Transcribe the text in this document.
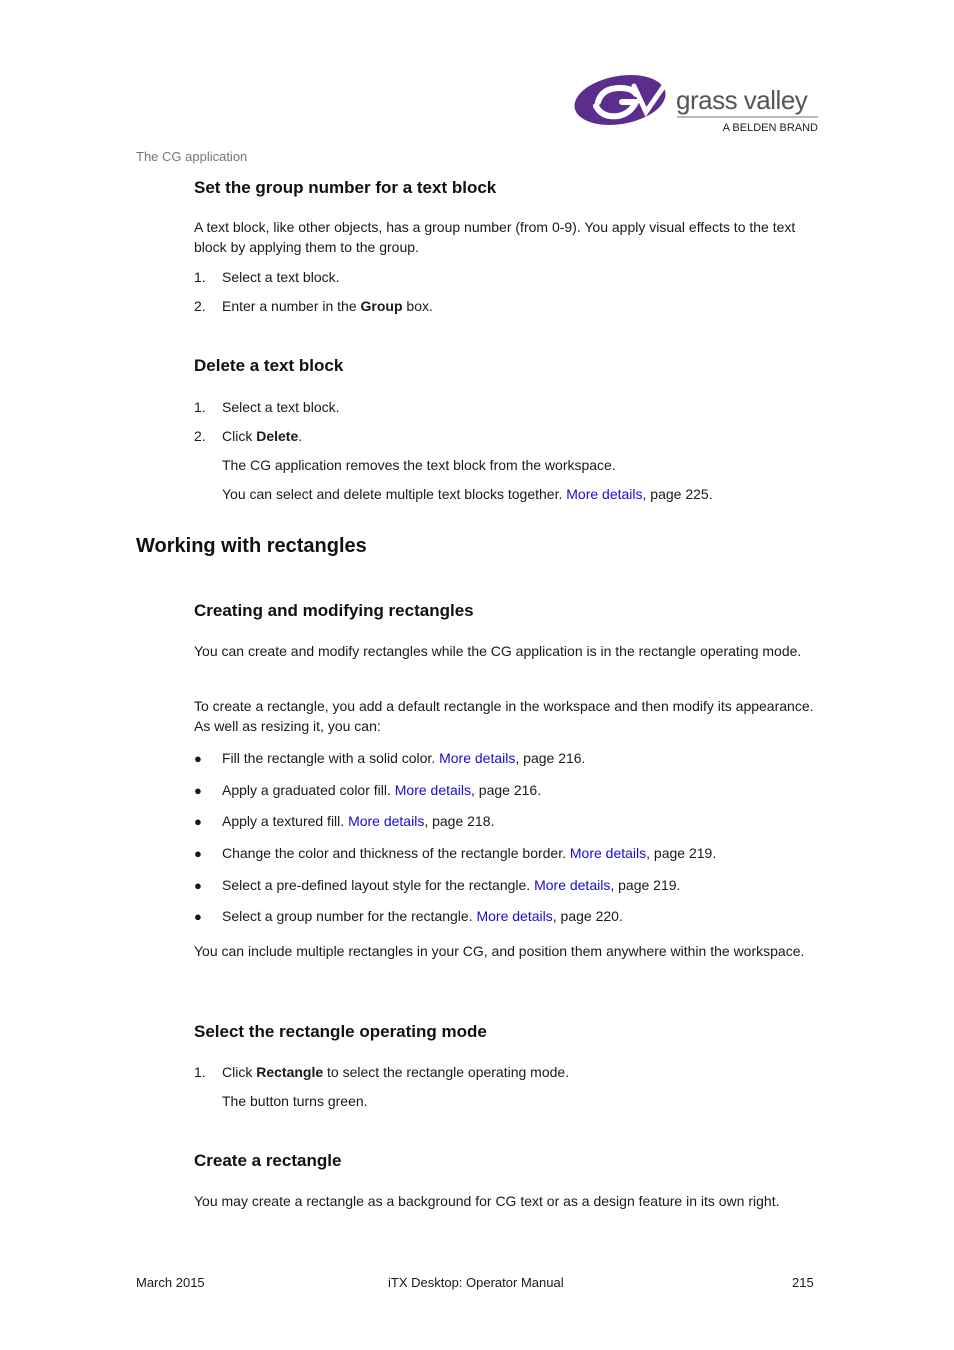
grass valley
A BELDEN BRAND
The CG application
Set the group number for a text block
A text block, like other objects, has a group number (from 0-9). You apply visual effects to the text block by applying them to the group.
1. Select a text block.
2. Enter a number in the Group box.
Delete a text block
1. Select a text block.
2. Click Delete.
The CG application removes the text block from the workspace.
You can select and delete multiple text blocks together. More details, page 225.
Working with rectangles
Creating and modifying rectangles
You can create and modify rectangles while the CG application is in the rectangle operating mode.
To create a rectangle, you add a default rectangle in the workspace and then modify its appearance. As well as resizing it, you can:
● Fill the rectangle with a solid color. More details, page 216.
● Apply a graduated color fill. More details, page 216.
● Apply a textured fill. More details, page 218.
● Change the color and thickness of the rectangle border. More details, page 219.
● Select a pre-defined layout style for the rectangle. More details, page 219.
● Select a group number for the rectangle. More details, page 220.
You can include multiple rectangles in your CG, and position them anywhere within the workspace.
Select the rectangle operating mode
1. Click Rectangle to select the rectangle operating mode.
The button turns green.
Create a rectangle
You may create a rectangle as a background for CG text or as a design feature in its own right.
March 2015	iTX Desktop: Operator Manual	215
